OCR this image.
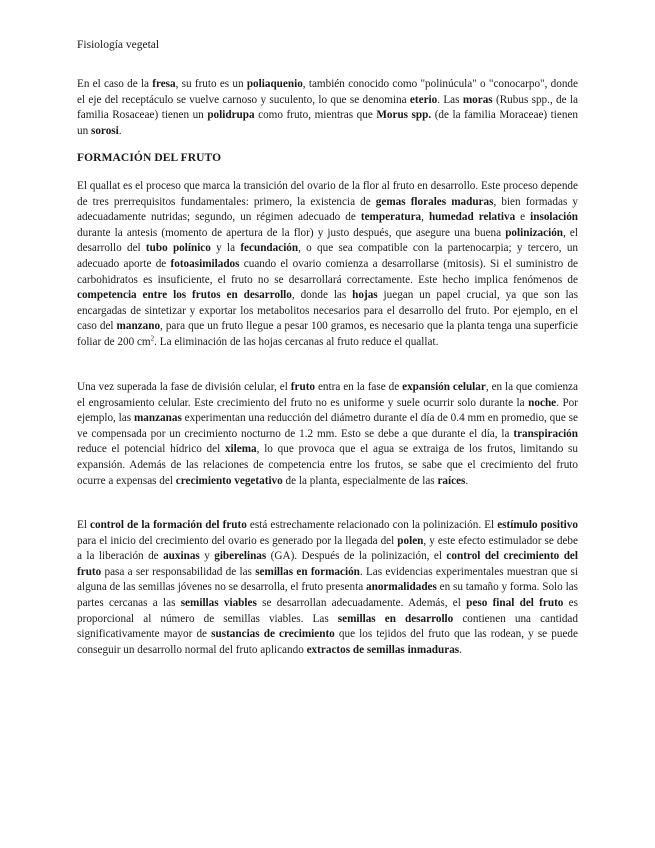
Fisiología vegetal

En el caso de la fresa, su fruto es un poliaquenio, también conocido como "polinúcula" o "conocarpo", donde el eje del receptáculo se vuelve carnoso y suculento, lo que se denomina eterio. Las moras (Rubus spp., de la familia Rosaceae) tienen un polidrupa como fruto, mientras que Morus spp. (de la familia Moraceae) tienen un sorosi.

FORMACIÓN DEL FRUTO

El quallat es el proceso que marca la transición del ovario de la flor al fruto en desarrollo. Este proceso depende de tres prerrequisitos fundamentales: primero, la existencia de gemas florales maduras, bien formadas y adecuadamente nutridas; segundo, un régimen adecuado de temperatura, humedad relativa e insolación durante la antesis (momento de apertura de la flor) y justo después, que asegure una buena polinización, el desarrollo del tubo polínico y la fecundación, o que sea compatible con la partenocarpia; y tercero, un adecuado aporte de fotoasimilados cuando el ovario comienza a desarrollarse (mitosis). Si el suministro de carbohidratos es insuficiente, el fruto no se desarrollará correctamente. Este hecho implica fenómenos de competencia entre los frutos en desarrollo, donde las hojas juegan un papel crucial, ya que son las encargadas de sintetizar y exportar los metabolitos necesarios para el desarrollo del fruto. Por ejemplo, en el caso del manzano, para que un fruto llegue a pesar 100 gramos, es necesario que la planta tenga una superficie foliar de 200 $cm^2$. La eliminación de las hojas cercanas al fruto reduce el quallat.

Una vez superada la fase de división celular, el fruto entra en la fase de expansión celular, en la que comienza el engrosamiento celular. Este crecimiento del fruto no es uniforme y suele ocurrir solo durante la noche. Por ejemplo, las manzanas experimentan una reducción del diámetro durante el día de 0.4 mm en promedio, que se ve compensada por un crecimiento nocturno de 1.2 mm. Esto se debe a que durante el día, la transpiración reduce el potencial hídrico del xilema, lo que provoca que el agua se extraiga de los frutos, limitando su expansión. Además de las relaciones de competencia entre los frutos, se sabe que el crecimiento del fruto ocurre a expensas del crecimiento vegetativo de la planta, especialmente de las raíces.

El control de la formación del fruto está estrechamente relacionado con la polinización. El estímulo positivo para el inicio del crecimiento del ovario es generado por la llegada del polen, y este efecto estimulador se debe a la liberación de auxinas y giberelinas (GA). Después de la polinización, el control del crecimiento del fruto pasa a ser responsabilidad de las semillas en formación. Las evidencias experimentales muestran que si alguna de las semillas jóvenes no se desarrolla, el fruto presenta anormalidades en su tamaño y forma. Solo las partes cercanas a las semillas viables se desarrollan adecuadamente. Además, el peso final del fruto es proporcional al número de semillas viables. Las semillas en desarrollo contienen una cantidad significativamente mayor de sustancias de crecimiento que los tejidos del fruto que las rodean, y se puede conseguir un desarrollo normal del fruto aplicando extractos de semillas inmaduras.
